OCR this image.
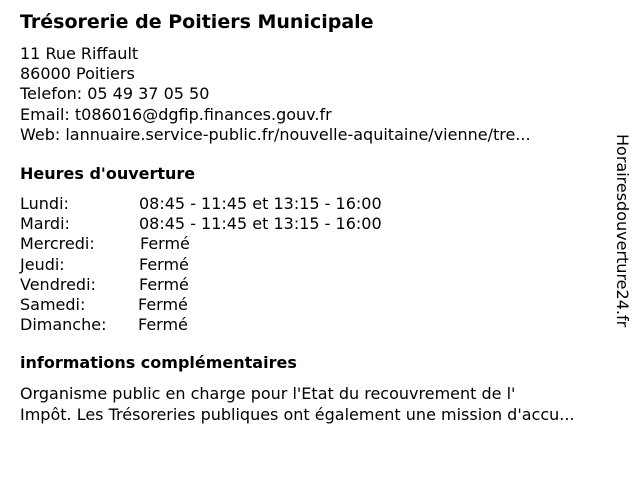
Trésorerie de Poitiers Municipale
11 Rue Riffault
86000 Poitiers
Telefon: 05 49 37 05 50
Email: t086016@dgfip.finances.gouv.fr
Web: lannuaire.service-public.fr/nouvelle-aquitaine/vienne/tre...
Heures d'ouverture
Lundi:	08:45 - 11:45 et 13:15 - 16:00
Mardi:	08:45 - 11:45 et 13:15 - 16:00
Mercredi:	Fermé
Jeudi:	Fermé
Vendredi:	Fermé
Samedi:	Fermé
Dimanche: Fermé
informations complémentaires
Organisme public en charge pour l'Etat du recouvrement de l'
Impôt. Les Trésoreries publiques ont également une mission d'accu...
Horairesdouverture24.fr
